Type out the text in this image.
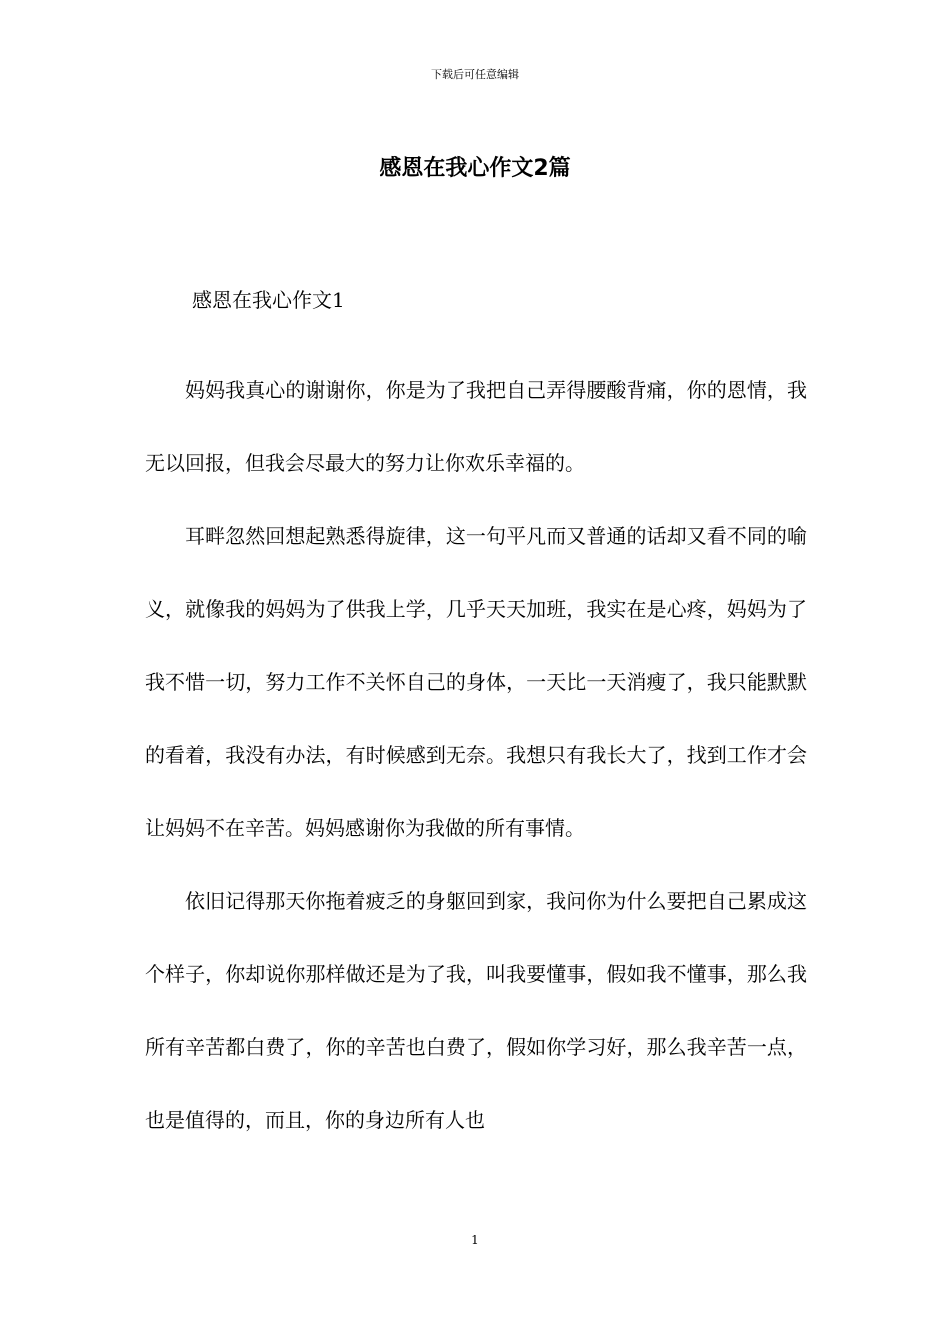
下载后可任意编辑
感恩在我心作文2篇
感恩在我心作文1

妈妈我真心的谢谢你，你是为了我把自己弄得腰酸背痛，你的恩情，我无以回报，但我会尽最大的努力让你欢乐幸福的。

耳畔忽然回想起熟悉得旋律，这一句平凡而又普通的话却又看不同的喻义，就像我的妈妈为了供我上学，几乎天天加班，我实在是心疼，妈妈为了我不惜一切，努力工作不关怀自己的身体，一天比一天消瘦了，我只能默默的看着，我没有办法，有时候感到无奈。我想只有我长大了，找到工作才会让妈妈不在辛苦。妈妈感谢你为我做的所有事情。

依旧记得那天你拖着疲乏的身躯回到家，我问你为什么要把自己累成这个样子，你却说你那样做还是为了我，叫我要懂事，假如我不懂事，那么我所有辛苦都白费了，你的辛苦也白费了，假如你学习好，那么我辛苦一点，也是值得的，而且，你的身边所有人也

1
